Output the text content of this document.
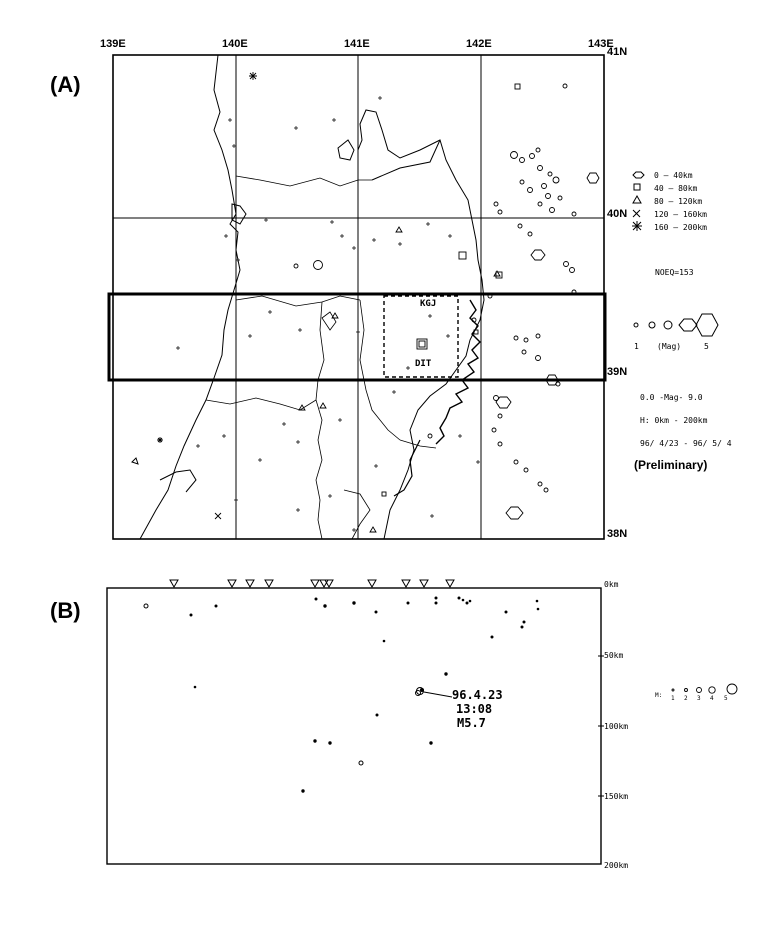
(A)
(B)
139E	140E	141E	142E	143E
41N
40N
39N
38N
KGJ
DIT
NOEQ=153
0.0 -Mag- 9.0
H: 0km - 200km
96/ 4/23 - 96/ 5/ 4
(Preliminary)
0 — 40km
40 — 80km
80 — 120km
120 — 160km
160 — 200km
1 (Mag)	5
0km
50km
100km
150km
200km
96.4.23
13:08
M5.7
M: 1 2 3 4 5
